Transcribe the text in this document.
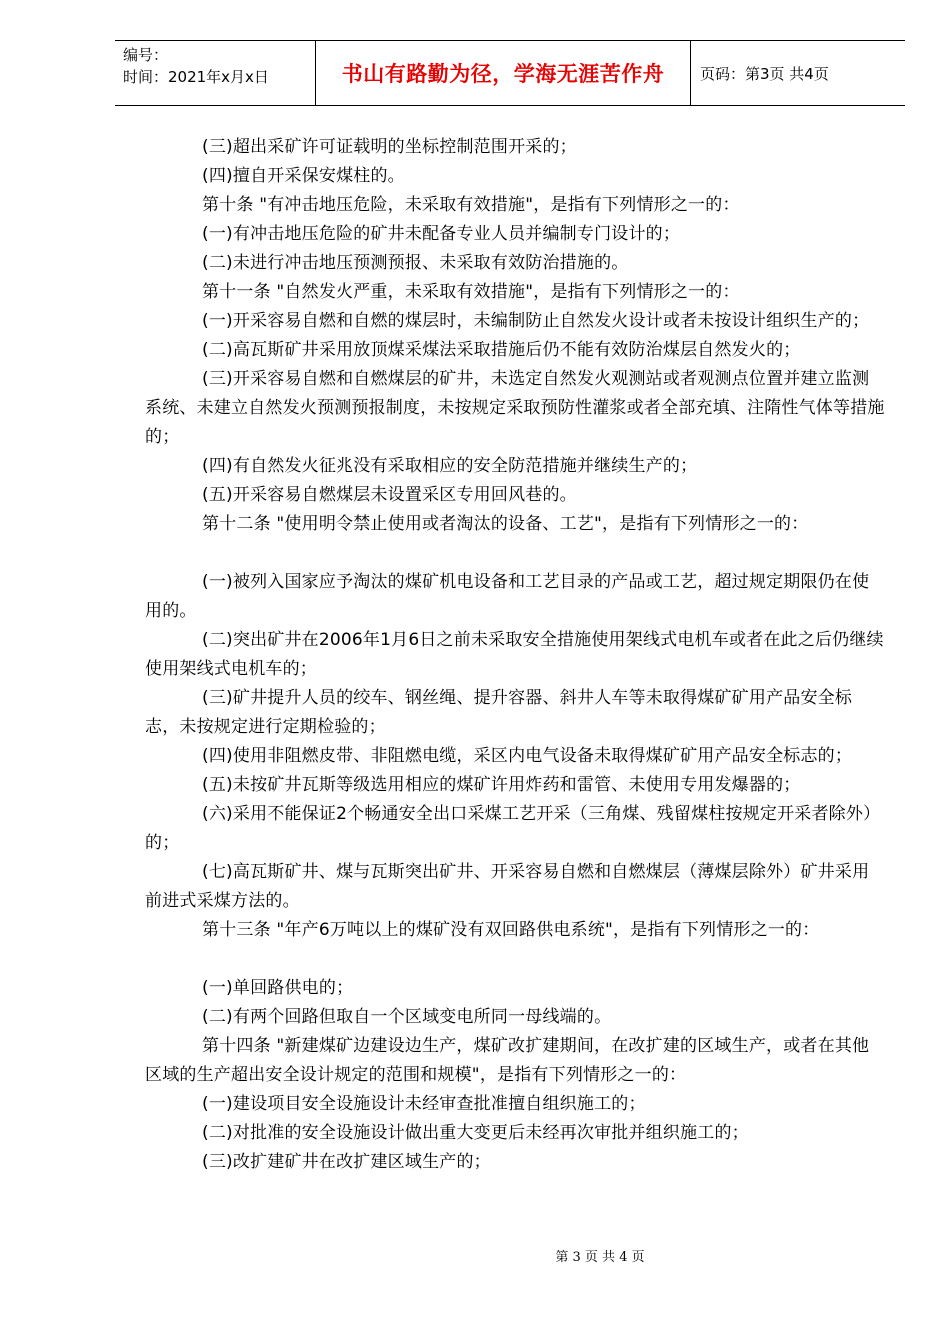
编号：
时间：2021年x月x日	书山有路勤为径，学海无涯苦作舟 页码：第3页 共4页

(三)超出采矿许可证载明的坐标控制范围开采的；

(四)擅自开采保安煤柱的。

第十条 "有冲击地压危险，未采取有效措施"，是指有下列情形之一的：

(一)有冲击地压危险的矿井未配备专业人员并编制专门设计的；

(二)未进行冲击地压预测预报、未采取有效防治措施的。

第十一条 "自然发火严重，未采取有效措施"，是指有下列情形之一的：

(一)开采容易自燃和自燃的煤层时，未编制防止自然发火设计或者未按设计组织生产的；

(二)高瓦斯矿井采用放顶煤采煤法采取措施后仍不能有效防治煤层自然发火的；

(三)开采容易自燃和自燃煤层的矿井，未选定自然发火观测站或者观测点位置并建立监测系统、未建立自然发火预测预报制度，未按规定采取预防性灌浆或者全部充填、注隋性气体等措施的；

(四)有自然发火征兆没有采取相应的安全防范措施并继续生产的；

(五)开采容易自燃煤层未设置采区专用回风巷的。

第十二条 "使用明令禁止使用或者淘汰的设备、工艺"，是指有下列情形之一的：

(一)被列入国家应予淘汰的煤矿机电设备和工艺目录的产品或工艺，超过规定期限仍在使用的。

(二)突出矿井在2006年1月6日之前未采取安全措施使用架线式电机车或者在此之后仍继续使用架线式电机车的；

(三)矿井提升人员的绞车、钢丝绳、提升容器、斜井人车等未取得煤矿矿用产品安全标志，未按规定进行定期检验的；

(四)使用非阻燃皮带、非阻燃电缆，采区内电气设备未取得煤矿矿用产品安全标志的；

(五)未按矿井瓦斯等级选用相应的煤矿许用炸药和雷管、未使用专用发爆器的；

(六)采用不能保证2个畅通安全出口采煤工艺开采（三角煤、残留煤柱按规定开采者除外）的；

(七)高瓦斯矿井、煤与瓦斯突出矿井、开采容易自燃和自燃煤层（薄煤层除外）矿井采用前进式采煤方法的。

第十三条 "年产6万吨以上的煤矿没有双回路供电系统"，是指有下列情形之一的：

(一)单回路供电的；

(二)有两个回路但取自一个区域变电所同一母线端的。

第十四条 "新建煤矿边建设边生产，煤矿改扩建期间，在改扩建的区域生产，或者在其他区域的生产超出安全设计规定的范围和规模"，是指有下列情形之一的：

(一)建设项目安全设施设计未经审查批准擅自组织施工的；

(二)对批准的安全设施设计做出重大变更后未经再次审批并组织施工的；

(三)改扩建矿井在改扩建区域生产的；

第 3 页 共 4 页
